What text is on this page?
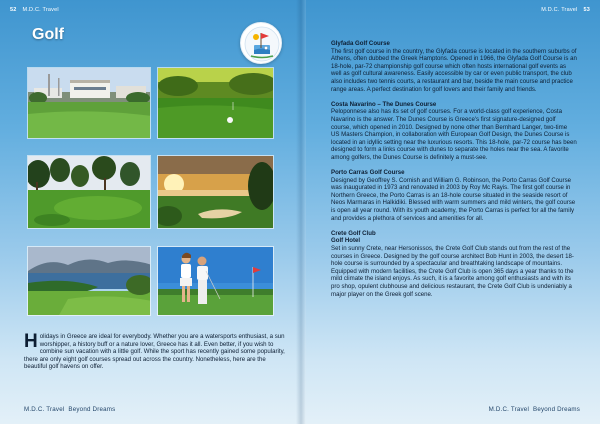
52 M.D.C. Travel	M.D.C. Travel 53
Golf
Holidays in Greece are ideal for everybody. Whether you are a watersports enthusiast, a sun worshipper, a history buff or a nature lover, Greece has it all. Even better, if you wish to combine sun vacation with a little golf. While the sport has recently gained some popularity, there are only eight golf courses spread out across the country. Nonetheless, here are the beautiful golf havens on offer.
M.D.C. Travel Beyond Dreams	M.D.C. Travel Beyond Dreams
Glyfada Golf Course
The first golf course in the country, the Glyfada course is located in the southern suburbs of Athens, often dubbed the Greek Hamptons. Opened in 1966, the Glyfada Golf Course is an 18-hole, par-72 championship golf course which often hosts international golf events as well as golf cultural awareness. Easily accessible by car or even public transport, the club also includes two tennis courts, a restaurant and bar, beside the main course and practice range areas. A perfect destination for golf lovers and their family and friends.
Costa Navarino – The Dunes Course
Peloponnese also has its set of golf courses. For a world-class golf experience, Costa Navarino is the answer. The Dunes Course is Greece's first signature-designed golf course, which opened in 2010. Designed by none other than Bernhard Langer, two-time US Masters Champion, in collaboration with European Golf Design, the Dunes Course is located in an idyllic setting near the luxurious resorts. This 18-hole, par-72 course has been designed to form a links course with dunes to separate the holes near the sea. A favorite among golfers, the Dunes Course is definitely a must-see.
Porto Carras Golf Course
Designed by Geoffrey S. Cornish and William G. Robinson, the Porto Carras Golf Course was inaugurated in 1973 and renovated in 2003 by Roy Mc Rayis. The first golf course in Northern Greece, the Porto Carras is an 18-hole course situated in the seaside resort of Neos Marmaras in Halkidiki. Blessed with warm summers and mild winters, the golf course is open all year round. With its youth academy, the Porto Carras is perfect for all the family and provides a plethora of services and amenities for all.
Crete Golf Club
Golf Hotel
Set in sunny Crete, near Hersonissos, the Crete Golf Club stands out from the rest of the courses in Greece. Designed by the golf course architect Bob Hunt in 2003, the desert 18-hole course is surrounded by a spectacular and breathtaking landscape of mountains. Equipped with modern facilities, the Crete Golf Club is open 365 days a year thanks to the mild climate the island enjoys. As such, it is a favorite among golf enthusiasts and with its pro shop, opulent clubhouse and delicious restaurant, the Crete Golf Club is undeniably a major player on the Greek golf scene.
